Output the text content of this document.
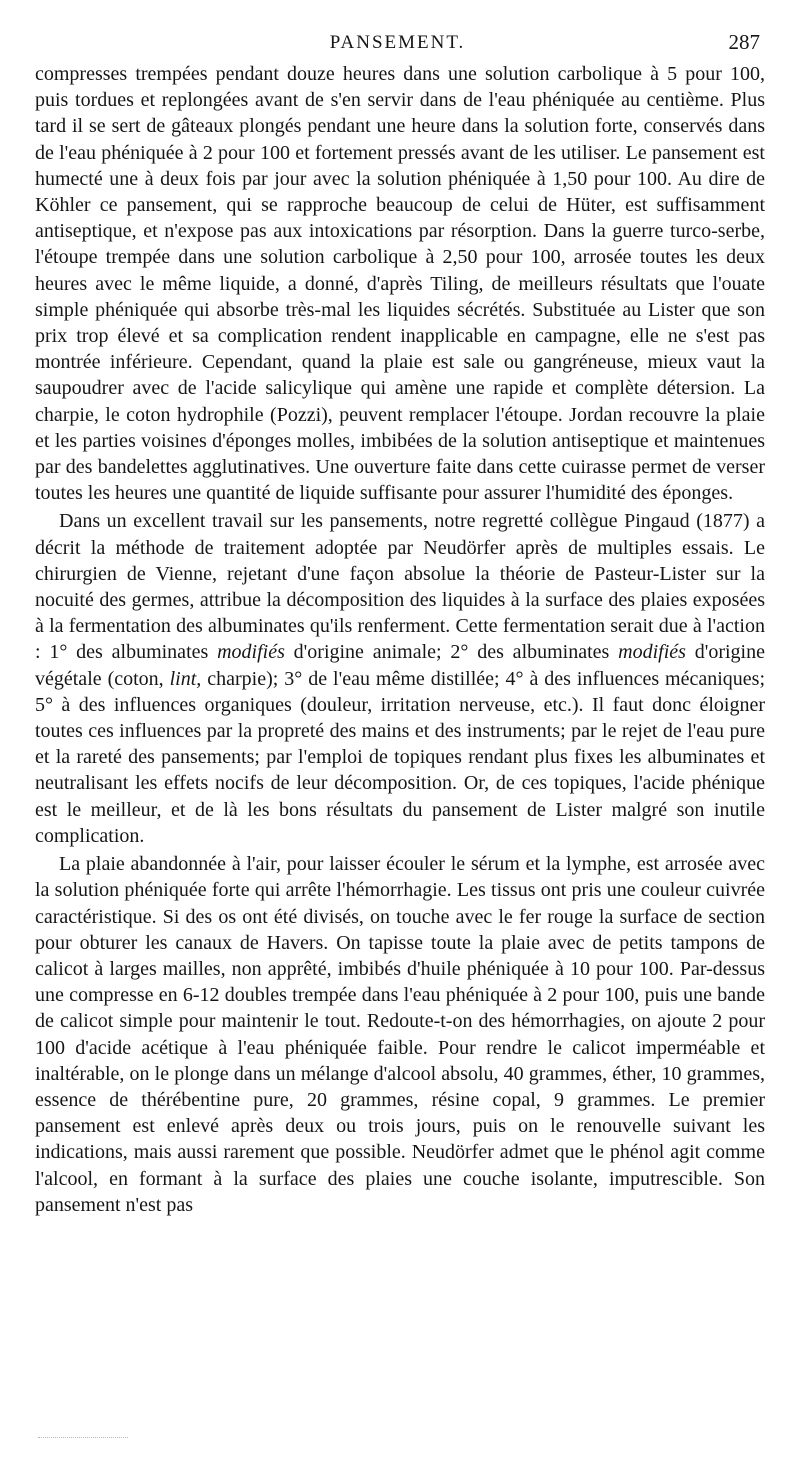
PANSEMENT.	287

compresses trempées pendant douze heures dans une solution carbolique à 5 pour 100, puis tordues et replongées avant de s'en servir dans de l'eau phéniquée au centième. Plus tard il se sert de gâteaux plongés pendant une heure dans la solution forte, conservés dans de l'eau phéniquée à 2 pour 100 et fortement pressés avant de les utiliser. Le pansement est humecté une à deux fois par jour avec la solution phéniquée à 1,50 pour 100. Au dire de Köhler ce pansement, qui se rapproche beaucoup de celui de Hüter, est suffisamment antiseptique, et n'expose pas aux intoxications par résorption. Dans la guerre turco-serbe, l'étoupe trempée dans une solution carbolique à 2,50 pour 100, arrosée toutes les deux heures avec le même liquide, a donné, d'après Tiling, de meilleurs résultats que l'ouate simple phéniquée qui absorbe très-mal les liquides sécrétés. Substituée au Lister que son prix trop élevé et sa complication rendent inapplicable en campagne, elle ne s'est pas montrée inférieure. Cependant, quand la plaie est sale ou gangréneuse, mieux vaut la saupoudrer avec de l'acide salicylique qui amène une rapide et complète détersion. La charpie, le coton hydrophile (Pozzi), peuvent remplacer l'étoupe. Jordan recouvre la plaie et les parties voisines d'éponges molles, imbibées de la solution antiseptique et maintenues par des bandelettes agglutinatives. Une ouverture faite dans cette cuirasse permet de verser toutes les heures une quantité de liquide suffisante pour assurer l'humidité des éponges.

Dans un excellent travail sur les pansements, notre regretté collègue Pingaud (1877) a décrit la méthode de traitement adoptée par Neudörfer après de multiples essais. Le chirurgien de Vienne, rejetant d'une façon absolue la théorie de Pasteur-Lister sur la nocuité des germes, attribue la décomposition des liquides à la surface des plaies exposées à la fermentation des albuminates qu'ils renferment. Cette fermentation serait due à l'action : 1° des albuminates modifiés d'origine animale; 2° des albuminates modifiés d'origine végétale (coton, lint, charpie); 3° de l'eau même distillée; 4° à des influences mécaniques; 5° à des influences organiques (douleur, irritation nerveuse, etc.). Il faut donc éloigner toutes ces influences par la propreté des mains et des instruments; par le rejet de l'eau pure et la rareté des pansements; par l'emploi de topiques rendant plus fixes les albuminates et neutralisant les effets nocifs de leur décomposition. Or, de ces topiques, l'acide phénique est le meilleur, et de là les bons résultats du pansement de Lister malgré son inutile complication.

La plaie abandonnée à l'air, pour laisser écouler le sérum et la lymphe, est arrosée avec la solution phéniquée forte qui arrête l'hémorrhagie. Les tissus ont pris une couleur cuivrée caractéristique. Si des os ont été divisés, on touche avec le fer rouge la surface de section pour obturer les canaux de Havers. On tapisse toute la plaie avec de petits tampons de calicot à larges mailles, non apprêté, imbibés d'huile phéniquée à 10 pour 100. Par-dessus une compresse en 6-12 doubles trempée dans l'eau phéniquée à 2 pour 100, puis une bande de calicot simple pour maintenir le tout. Redoute-t-on des hémorrhagies, on ajoute 2 pour 100 d'acide acétique à l'eau phéniquée faible. Pour rendre le calicot imperméable et inaltérable, on le plonge dans un mélange d'alcool absolu, 40 grammes, éther, 10 grammes, essence de thérébentine pure, 20 grammes, résine copal, 9 grammes. Le premier pansement est enlevé après deux ou trois jours, puis on le renouvelle suivant les indications, mais aussi rarement que possible. Neudörfer admet que le phénol agit comme l'alcool, en formant à la surface des plaies une couche isolante, imputrescible. Son pansement n'est pas
